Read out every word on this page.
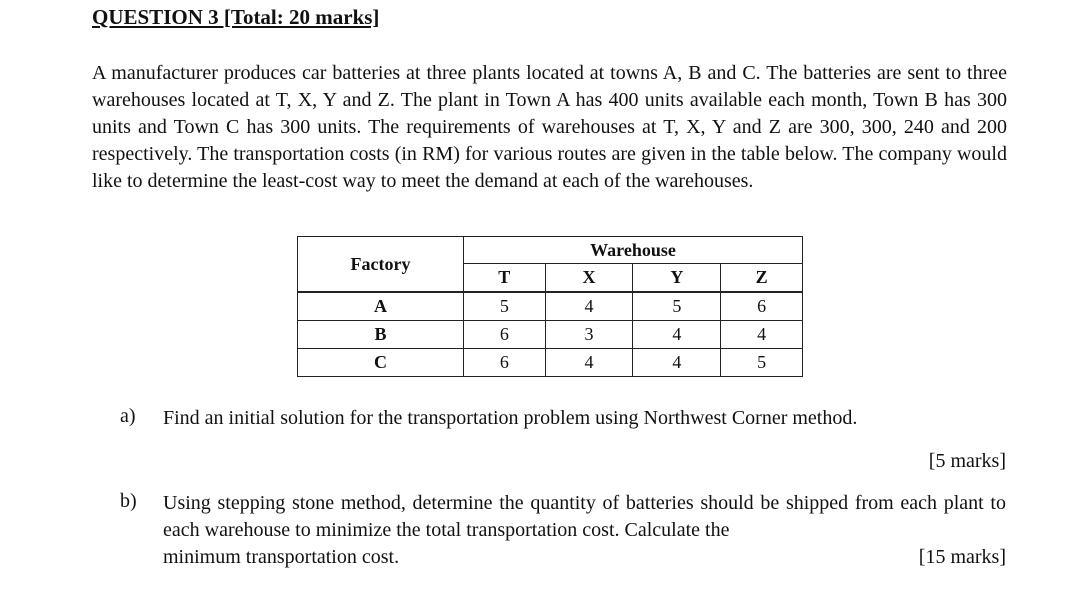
QUESTION 3 [Total: 20 marks]
A manufacturer produces car batteries at three plants located at towns A, B and C. The batteries are sent to three warehouses located at T, X, Y and Z. The plant in Town A has 400 units available each month, Town B has 300 units and Town C has 300 units. The requirements of warehouses at T, X, Y and Z are 300, 300, 240 and 200 respectively. The transportation costs (in RM) for various routes are given in the table below. The company would like to determine the least-cost way to meet the demand at each of the warehouses.
Factory	Warehouse			
	T	X	Y	Z
A	5	4	5	6
B	6	3	4	4
C	6	4	4	5
a) Find an initial solution for the transportation problem using Northwest Corner method.
[5 marks]
b) Using stepping stone method, determine the quantity of batteries should be shipped from each plant to each warehouse to minimize the total transportation cost. Calculate the
minimum transportation cost.	[15 marks]
